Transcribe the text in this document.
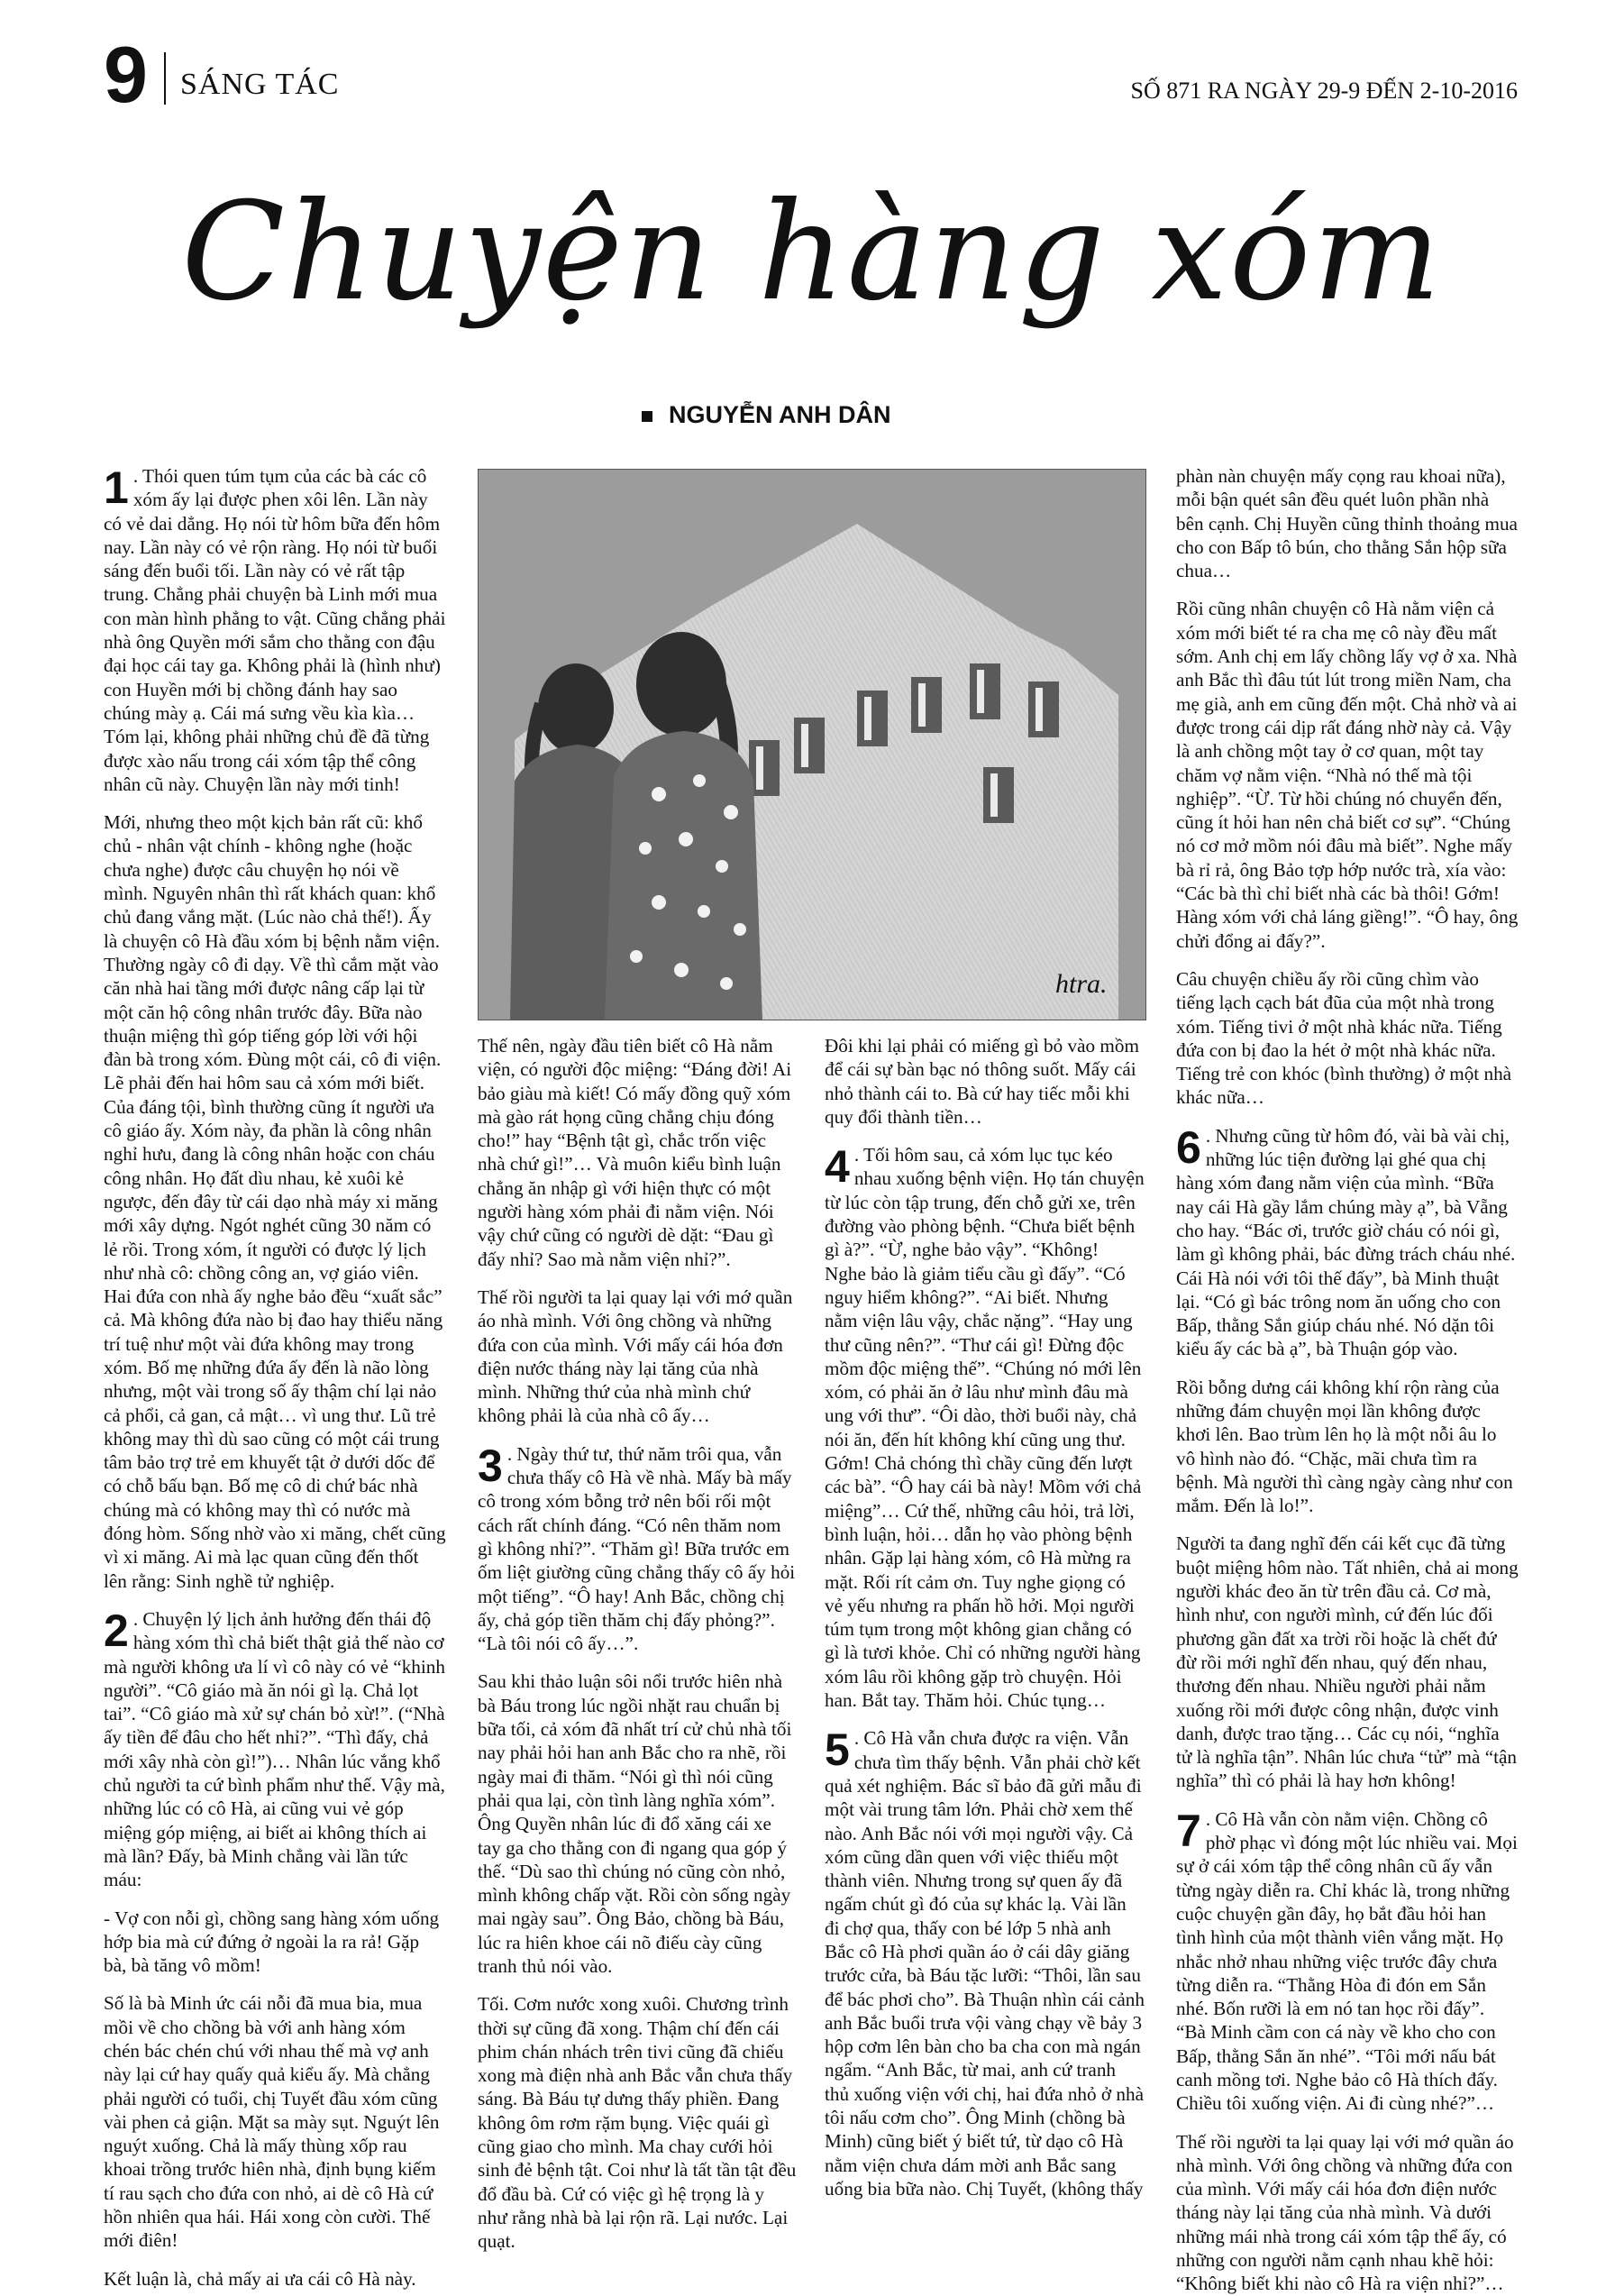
9 SÁNG TÁC	SỐ 871 RA NGÀY 29-9 ĐẾN 2-10-2016
Chuyện hàng xóm
NGUYỄN ANH DÂN

1 . Thói quen túm tụm của các bà các cô xóm ấy lại được phen xôi lên. Lần này có vẻ dai dẳng. Họ nói từ hôm bữa đến hôm nay. Lần này có vẻ rộn ràng. Họ nói từ buổi sáng đến buổi tối. Lần này có vẻ rất tập trung. Chẳng phải chuyện bà Linh mới mua con màn hình phẳng to vật. Cũng chẳng phải nhà ông Quyền mới sắm cho thằng con đậu đại học cái tay ga. Không phải là (hình như) con Huyền mới bị chồng đánh hay sao chúng mày ạ. Cái má sưng vều kìa kìa… Tóm lại, không phải những chủ đề đã từng được xào nấu trong cái xóm tập thể công nhân cũ này. Chuyện lần này mới tinh!

Mới, nhưng theo một kịch bản rất cũ: khổ chủ - nhân vật chính - không nghe (hoặc chưa nghe) được câu chuyện họ nói về mình. Nguyên nhân thì rất khách quan: khổ chủ đang vắng mặt. (Lúc nào chả thế!). Ấy là chuyện cô Hà đầu xóm bị bệnh nằm viện. Thường ngày cô đi dạy. Về thì cắm mặt vào căn nhà hai tầng mới được nâng cấp lại từ một căn hộ công nhân trước đây. Bữa nào thuận miệng thì góp tiếng góp lời với hội đàn bà trong xóm. Đùng một cái, cô đi viện. Lẽ phải đến hai hôm sau cả xóm mới biết. Của đáng tội, bình thường cũng ít người ưa cô giáo ấy. Xóm này, đa phần là công nhân nghỉ hưu, đang là công nhân hoặc con cháu công nhân. Họ đất dìu nhau, kẻ xuôi kẻ ngược, đến đây từ cái dạo nhà máy xi măng mới xây dựng. Ngót nghét cũng 30 năm có lẻ rồi. Trong xóm, ít người có được lý lịch như nhà cô: chồng công an, vợ giáo viên. Hai đứa con nhà ấy nghe bảo đều “xuất sắc” cả. Mà không đứa nào bị đao hay thiểu năng trí tuệ như một vài đứa không may trong xóm. Bố mẹ những đứa ấy đến là não lòng nhưng, một vài trong số ấy thậm chí lại nảo cả phổi, cả gan, cả mật… vì ung thư. Lũ trẻ không may thì dù sao cũng có một cái trung tâm bảo trợ trẻ em khuyết tật ở dưới dốc để có chỗ bấu bạn. Bố mẹ cô di chứ bác nhà chúng mà có không may thì có nước mà đóng hòm. Sống nhờ vào xi măng, chết cũng vì xi măng. Ai mà lạc quan cũng đến thốt lên rằng: Sinh nghề tử nghiệp.

2 . Chuyện lý lịch ảnh hưởng đến thái độ hàng xóm thì chả biết thật giả thế nào cơ mà người không ưa lí vì cô này có vẻ “khinh người”. “Cô giáo mà ăn nói gì lạ. Chả lọt tai”. “Cô giáo mà xử sự chán bỏ xừ!”. (“Nhà ấy tiền để đâu cho hết nhỉ?”. “Thì đấy, chả mới xây nhà còn gì!”)… Nhân lúc vắng khổ chủ người ta cứ bình phẩm như thế. Vậy mà, những lúc có cô Hà, ai cũng vui vẻ góp miệng góp miệng, ai biết ai không thích ai mà lần? Đấy, bà Minh chẳng vài lần tức máu:

- Vợ con nỗi gì, chồng sang hàng xóm uống hớp bia mà cứ đứng ở ngoài la ra rả! Gặp bà, bà tăng vô mồm!

Số là bà Minh ức cái nỗi đã mua bia, mua mồi về cho chồng bà với anh hàng xóm chén bác chén chú với nhau thế mà vợ anh này lại cứ hay quấy quả kiểu ấy. Mà chẳng phải người có tuổi, chị Tuyết đầu xóm cũng vài phen cả giận. Mặt sa mày sụt. Nguýt lên nguýt xuống. Chả là mấy thùng xốp rau khoai trồng trước hiên nhà, định bụng kiếm tí rau sạch cho đứa con nhỏ, ai dè cô Hà cứ hồn nhiên qua hái. Hái xong còn cười. Thế mới điên!

Kết luận là, chả mấy ai ưa cái cô Hà này.

htra.

Thế nên, ngày đầu tiên biết cô Hà nằm viện, có người độc miệng: “Đáng đời! Ai bảo giàu mà kiết! Có mấy đồng quỹ xóm mà gào rát họng cũng chẳng chịu đóng cho!” hay “Bệnh tật gì, chắc trốn việc nhà chứ gì!”… Và muôn kiểu bình luận chẳng ăn nhập gì với hiện thực có một người hàng xóm phải đi nằm viện. Nói vậy chứ cũng có người dè dặt: “Đau gì đấy nhỉ? Sao mà nằm viện nhỉ?”.

Thế rồi người ta lại quay lại với mớ quần áo nhà mình. Với ông chồng và những đứa con của mình. Với mấy cái hóa đơn điện nước tháng này lại tăng của nhà mình. Những thứ của nhà mình chứ không phải là của nhà cô ấy…

3 . Ngày thứ tư, thứ năm trôi qua, vẫn chưa thấy cô Hà về nhà. Mấy bà mấy cô trong xóm bỗng trở nên bối rối một cách rất chính đáng. “Có nên thăm nom gì không nhỉ?”. “Thăm gì! Bữa trước em ốm liệt giường cũng chẳng thấy cô ấy hỏi một tiếng”. “Ô hay! Anh Bắc, chồng chị ấy, chả góp tiền thăm chị đấy phỏng?”. “Là tôi nói cô ấy…”.

Sau khi thảo luận sôi nổi trước hiên nhà bà Báu trong lúc ngồi nhặt rau chuẩn bị bữa tối, cả xóm đã nhất trí cử chủ nhà tối nay phải hỏi han anh Bắc cho ra nhẽ, rồi ngày mai đi thăm. “Nói gì thì nói cũng phải qua lại, còn tình làng nghĩa xóm”. Ông Quyền nhân lúc đi đổ xăng cái xe tay ga cho thằng con đi ngang qua góp ý thế. “Dù sao thì chúng nó cũng còn nhỏ, mình không chấp vặt. Rồi còn sống ngày mai ngày sau”. Ông Bảo, chồng bà Báu, lúc ra hiên khoe cái nõ điếu cày cũng tranh thủ nói vào.

Tối. Cơm nước xong xuôi. Chương trình thời sự cũng đã xong. Thậm chí đến cái phim chán nhách trên tivi cũng đã chiếu xong mà điện nhà anh Bắc vẫn chưa thấy sáng. Bà Báu tự dưng thấy phiền. Đang không ôm rơm rặm bụng. Việc quái gì cũng giao cho mình. Ma chay cưới hỏi sinh đẻ bệnh tật. Coi như là tất tần tật đều đổ đầu bà. Cứ có việc gì hệ trọng là y như rằng nhà bà lại rộn rã. Lại nước. Lại quạt.

Đôi khi lại phải có miếng gì bỏ vào mồm để cái sự bàn bạc nó thông suốt. Mấy cái nhỏ thành cái to. Bà cứ hay tiếc mỗi khi quy đổi thành tiền…

4 . Tối hôm sau, cả xóm lục tục kéo nhau xuống bệnh viện. Họ tán chuyện từ lúc còn tập trung, đến chỗ gửi xe, trên đường vào phòng bệnh. “Chưa biết bệnh gì à?”. “Ừ, nghe bảo vậy”. “Không! Nghe bảo là giảm tiểu cầu gì đấy”. “Có nguy hiểm không?”. “Ai biết. Nhưng nằm viện lâu vậy, chắc nặng”. “Hay ung thư cũng nên?”. “Thư cái gì! Đừng độc mồm độc miệng thế”. “Chúng nó mới lên xóm, có phải ăn ở lâu như mình đâu mà ung với thư”. “Ôi dào, thời buổi này, chả nói ăn, đến hít không khí cũng ung thư. Gớm! Chả chóng thì chầy cũng đến lượt các bà”. “Ô hay cái bà này! Mồm với chả miệng”… Cứ thế, những câu hỏi, trả lời, bình luận, hỏi… dẫn họ vào phòng bệnh nhân. Gặp lại hàng xóm, cô Hà mừng ra mặt. Rối rít cảm ơn. Tuy nghe giọng có vẻ yếu nhưng ra phấn hồ hởi. Mọi người túm tụm trong một không gian chẳng có gì là tươi khỏe. Chỉ có những người hàng xóm lâu rồi không gặp trò chuyện. Hỏi han. Bắt tay. Thăm hỏi. Chúc tụng…

5 . Cô Hà vẫn chưa được ra viện. Vẫn chưa tìm thấy bệnh. Vẫn phải chờ kết quả xét nghiệm. Bác sĩ bảo đã gửi mẫu đi một vài trung tâm lớn. Phải chờ xem thế nào. Anh Bắc nói với mọi người vậy. Cả xóm cũng dần quen với việc thiếu một thành viên. Nhưng trong sự quen ấy đã ngấm chút gì đó của sự khác lạ. Vài lần đi chợ qua, thấy con bé lớp 5 nhà anh Bắc cô Hà phơi quần áo ở cái dây giăng trước cửa, bà Báu tặc lưỡi: “Thôi, lần sau để bác phơi cho”. Bà Thuận nhìn cái cảnh anh Bắc buổi trưa vội vàng chạy về bảy 3 hộp cơm lên bàn cho ba cha con mà ngán ngẩm. “Anh Bắc, từ mai, anh cứ tranh thủ xuống viện với chị, hai đứa nhỏ ở nhà tôi nấu cơm cho”. Ông Minh (chồng bà Minh) cũng biết ý biết tứ, từ dạo cô Hà nằm viện chưa dám mời anh Bắc sang uống bia bữa nào. Chị Tuyết, (không thấy

phàn nàn chuyện mấy cọng rau khoai nữa), mỗi bận quét sân đều quét luôn phần nhà bên cạnh. Chị Huyền cũng thỉnh thoảng mua cho con Bấp tô bún, cho thằng Sắn hộp sữa chua…

Rồi cũng nhân chuyện cô Hà nằm viện cả xóm mới biết té ra cha mẹ cô này đều mất sớm. Anh chị em lấy chồng lấy vợ ở xa. Nhà anh Bắc thì đâu tút lút trong miền Nam, cha mẹ già, anh em cũng đến một. Chả nhờ và ai được trong cái dịp rất đáng nhờ này cả. Vậy là anh chồng một tay ở cơ quan, một tay chăm vợ nằm viện. “Nhà nó thế mà tội nghiệp”. “Ừ. Từ hồi chúng nó chuyển đến, cũng ít hỏi han nên chả biết cơ sự”. “Chúng nó cơ mở mồm nói đâu mà biết”. Nghe mấy bà rỉ rả, ông Bảo tợp hớp nước trà, xía vào: “Các bà thì chỉ biết nhà các bà thôi! Gớm! Hàng xóm với chả láng giềng!”. “Ô hay, ông chửi đổng ai đấy?”.

Câu chuyện chiều ấy rồi cũng chìm vào tiếng lạch cạch bát đũa của một nhà trong xóm. Tiếng tivi ở một nhà khác nữa. Tiếng đứa con bị đao la hét ở một nhà khác nữa. Tiếng trẻ con khóc (bình thường) ở một nhà khác nữa…

6 . Nhưng cũng từ hôm đó, vài bà vài chị, những lúc tiện đường lại ghé qua chị hàng xóm đang nằm viện của mình. “Bữa nay cái Hà gầy lắm chúng mày ạ”, bà Vẵng cho hay. “Bác ơi, trước giờ cháu có nói gì, làm gì không phải, bác đừng trách cháu nhé. Cái Hà nói với tôi thế đấy”, bà Minh thuật lại. “Có gì bác trông nom ăn uống cho con Bấp, thằng Sắn giúp cháu nhé. Nó dặn tôi kiểu ấy các bà ạ”, bà Thuận góp vào.

Rồi bỗng dưng cái không khí rộn ràng của những đám chuyện mọi lần không được khơi lên. Bao trùm lên họ là một nỗi âu lo vô hình nào đó. “Chặc, mãi chưa tìm ra bệnh. Mà người thì càng ngày càng như con mắm. Đến là lo!”.

Người ta đang nghĩ đến cái kết cục đã từng buột miệng hôm nào. Tất nhiên, chả ai mong người khác đeo ăn từ trên đầu cả. Cơ mà, hình như, con người mình, cứ đến lúc đối phương gần đất xa trời rồi hoặc là chết đứ đừ rồi mới nghĩ đến nhau, quý đến nhau, thương đến nhau. Nhiều người phải nằm xuống rồi mới được công nhận, được vinh danh, được trao tặng… Các cụ nói, “nghĩa tử là nghĩa tận”. Nhân lúc chưa “tử” mà “tận nghĩa” thì có phải là hay hơn không!

7 . Cô Hà vẫn còn nằm viện. Chồng cô phờ phạc vì đóng một lúc nhiều vai. Mọi sự ở cái xóm tập thể công nhân cũ ấy vẫn từng ngày diễn ra. Chỉ khác là, trong những cuộc chuyện gần đây, họ bắt đầu hỏi han tình hình của một thành viên vắng mặt. Họ nhắc nhở nhau những việc trước đây chưa từng diễn ra. “Thằng Hòa đi đón em Sắn nhé. Bốn rưỡi là em nó tan học rồi đấy”. “Bà Minh cầm con cá này về kho cho con Bấp, thằng Sắn ăn nhé”. “Tôi mới nấu bát canh mồng tơi. Nghe bảo cô Hà thích đấy. Chiều tôi xuống viện. Ai đi cùng nhé?”…

Thế rồi người ta lại quay lại với mớ quần áo nhà mình. Với ông chồng và những đứa con của mình. Với mấy cái hóa đơn điện nước tháng này lại tăng của nhà mình. Và dưới những mái nhà trong cái xóm tập thể ấy, có những con người nằm cạnh nhau khẽ hỏi: “Không biết khi nào cô Hà ra viện nhỉ?”…
